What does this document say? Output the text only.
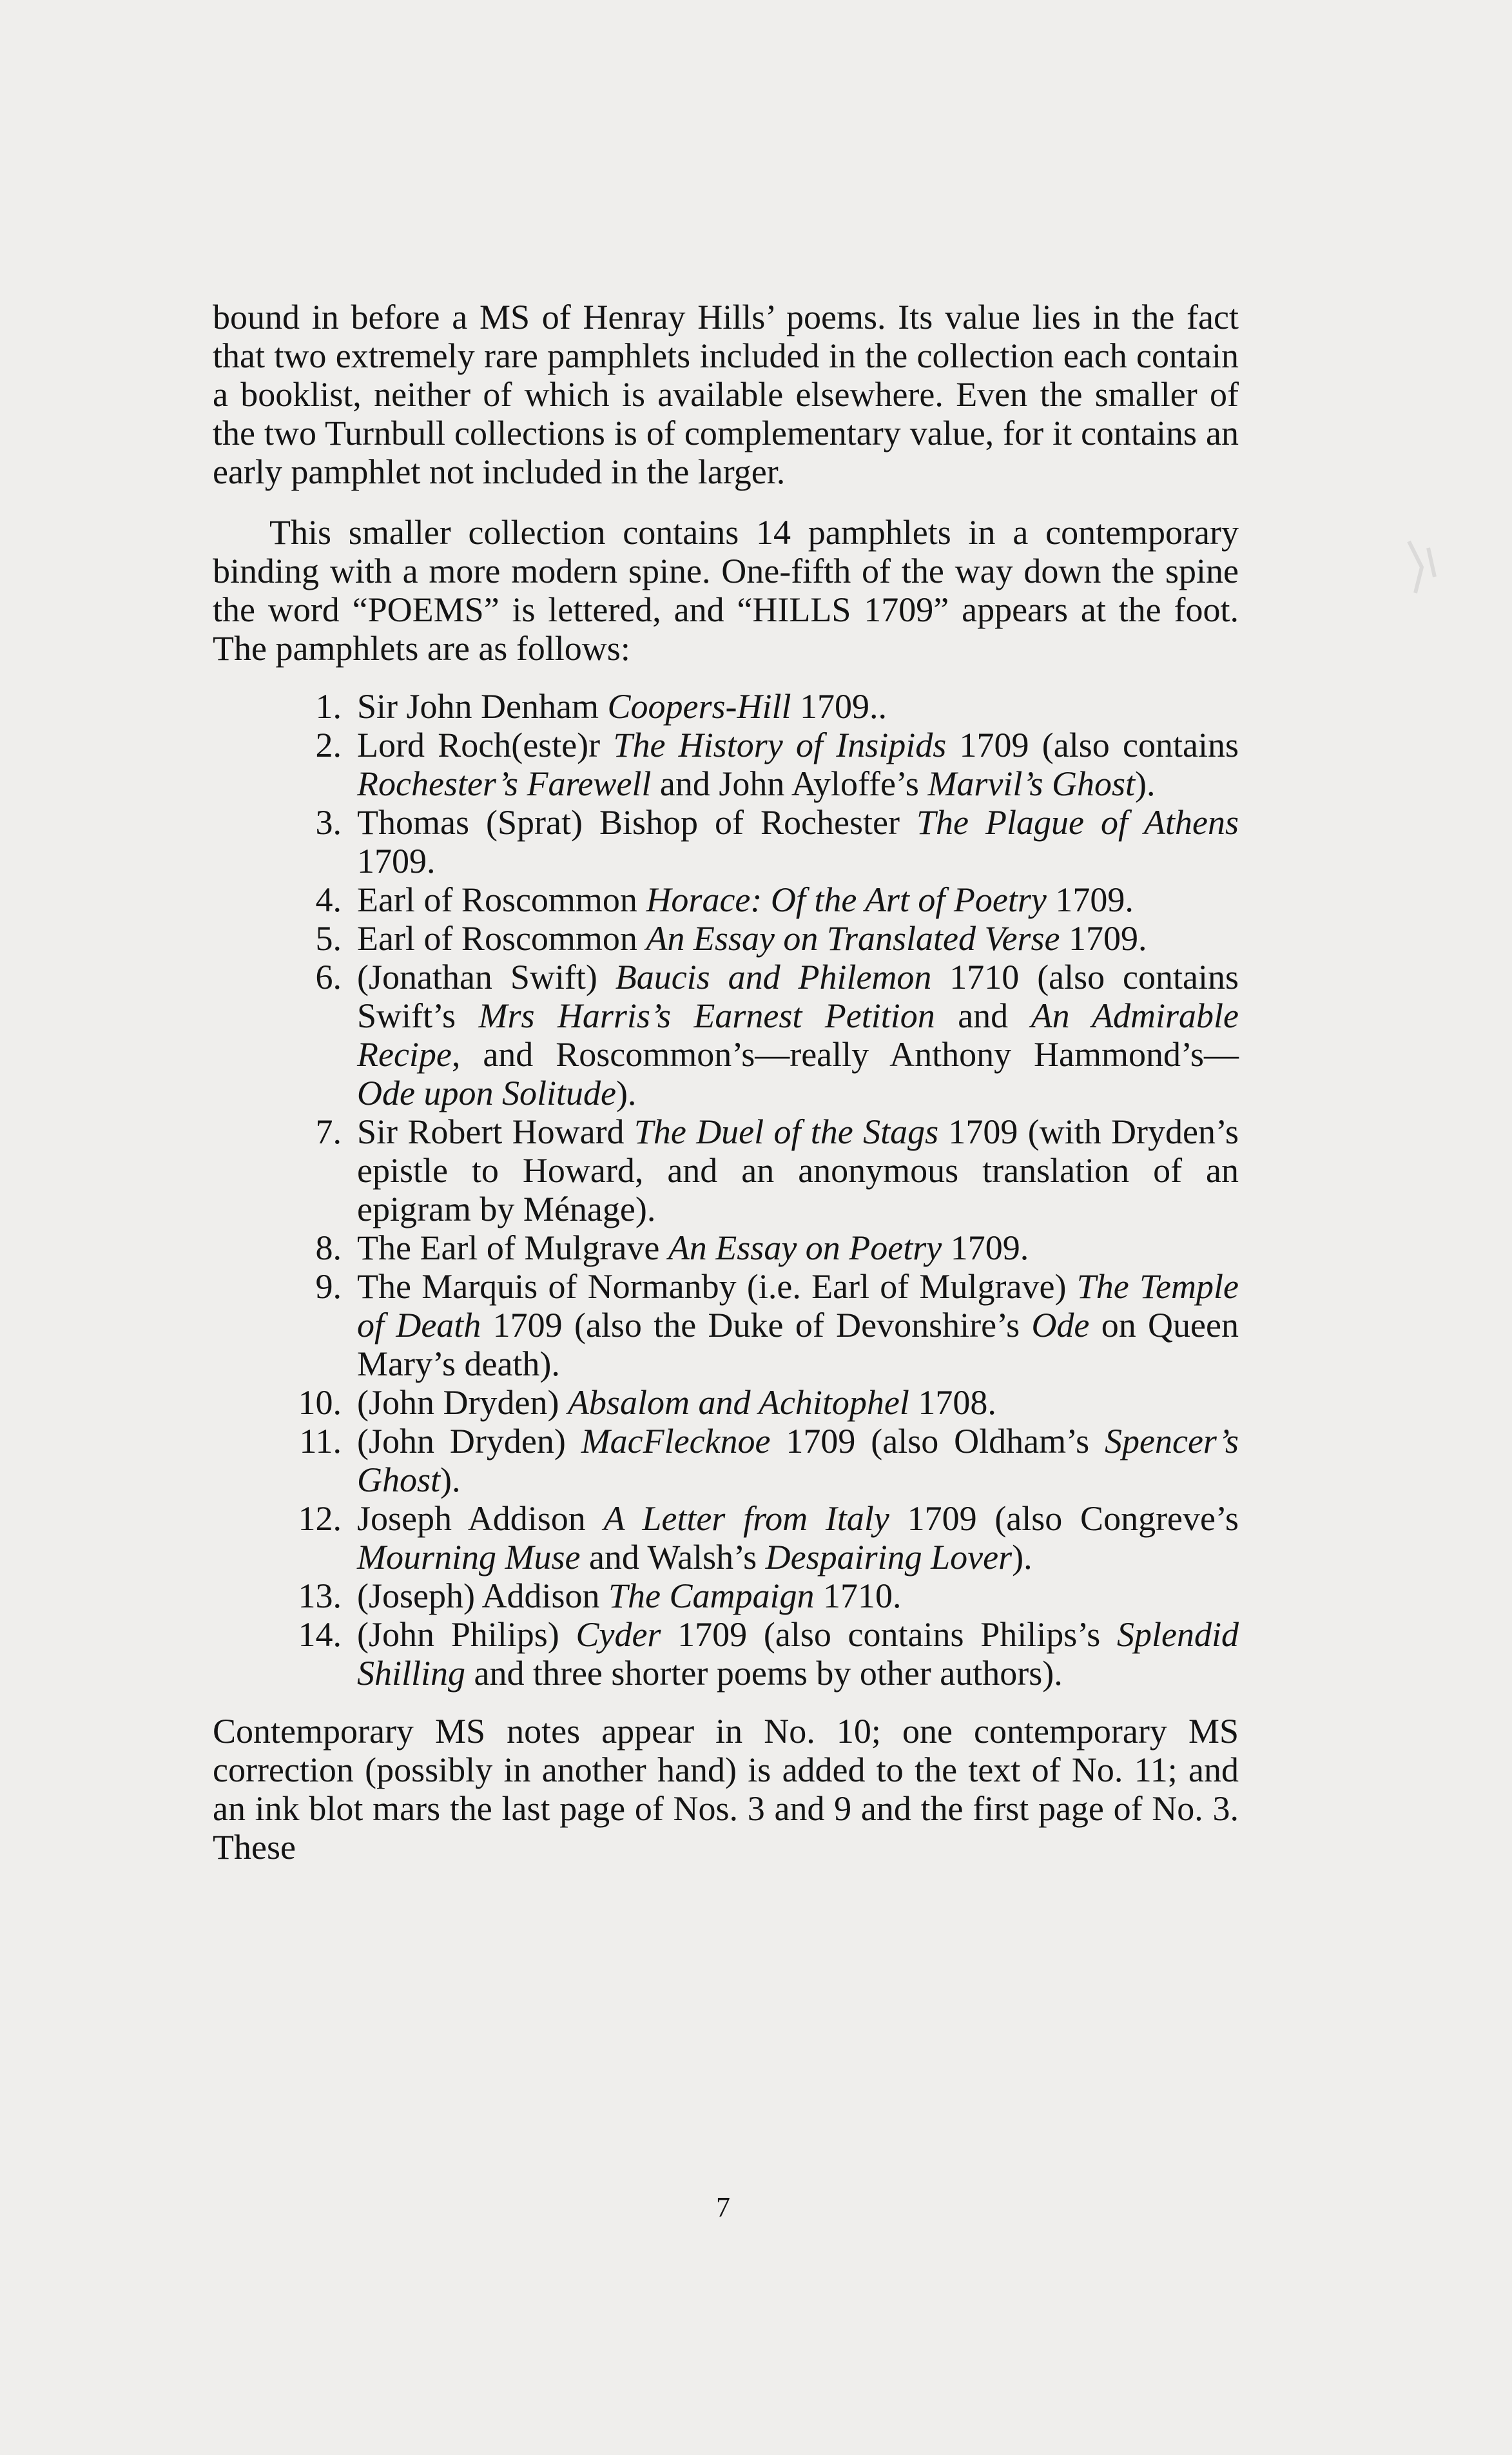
bound in before a MS of Henray Hills’ poems. Its value lies in the fact that two extremely rare pamphlets included in the collection each contain a booklist, neither of which is available elsewhere. Even the smaller of the two Turnbull collections is of complementary value, for it contains an early pamphlet not included in the larger.

This smaller collection contains 14 pamphlets in a contemporary binding with a more modern spine. One-fifth of the way down the spine the word “POEMS” is lettered, and “HILLS 1709” appears at the foot. The pamphlets are as follows:

1. Sir John Denham Coopers-Hill 1709..
2. Lord Roch(este)r The History of Insipids 1709 (also contains Rochester’s Farewell and John Ayloffe’s Marvil’s Ghost).
3. Thomas (Sprat) Bishop of Rochester The Plague of Athens 1709.
4. Earl of Roscommon Horace: Of the Art of Poetry 1709.
5. Earl of Roscommon An Essay on Translated Verse 1709.
6. (Jonathan Swift) Baucis and Philemon 1710 (also contains Swift’s Mrs Harris’s Earnest Petition and An Admirable Recipe, and Roscommon’s—really Anthony Hammond’s—Ode upon Solitude).
7. Sir Robert Howard The Duel of the Stags 1709 (with Dryden’s epistle to Howard, and an anonymous translation of an epigram by Ménage).
8. The Earl of Mulgrave An Essay on Poetry 1709.
9. The Marquis of Normanby (i.e. Earl of Mulgrave) The Temple of Death 1709 (also the Duke of Devonshire’s Ode on Queen Mary’s death).
10. (John Dryden) Absalom and Achitophel 1708.
11. (John Dryden) MacFlecknoe 1709 (also Oldham’s Spencer’s Ghost).
12. Joseph Addison A Letter from Italy 1709 (also Congreve’s Mourning Muse and Walsh’s Despairing Lover).
13. (Joseph) Addison The Campaign 1710.
14. (John Philips) Cyder 1709 (also contains Philips’s Splendid Shilling and three shorter poems by other authors).

Contemporary MS notes appear in No. 10; one contemporary MS correction (possibly in another hand) is added to the text of No. 11; and an ink blot mars the last page of Nos. 3 and 9 and the first page of No. 3. These

7
